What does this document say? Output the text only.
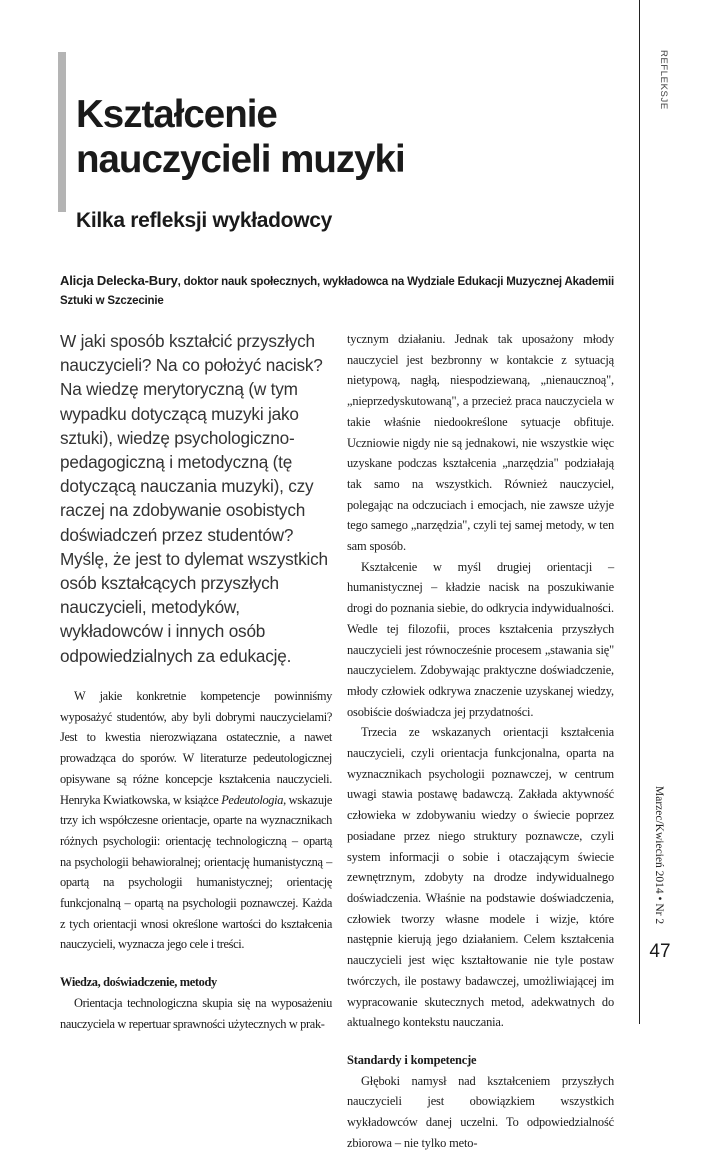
REFLEKSJE
Marzec/Kwiecień 2014 • Nr 2
47
Kształcenie
nauczycieli muzyki
Kilka refleksji wykładowcy

Alicja Delecka-Bury, doktor nauk społecznych, wykładowca na Wydziale Edukacji Muzycznej Akademii Sztuki w Szczecinie

W jaki sposób kształcić przyszłych nauczycieli? Na co położyć nacisk? Na wiedzę merytoryczną (w tym wypadku dotyczącą muzyki jako sztuki), wiedzę psychologiczno-pedagogiczną i metodyczną (tę dotyczącą nauczania muzyki), czy raczej na zdobywanie osobistych doświadczeń przez studentów? Myślę, że jest to dylemat wszystkich osób kształcących przyszłych nauczycieli, metodyków, wykładowców i innych osób odpowiedzialnych za edukację.

W jakie konkretnie kompetencje powinniśmy wyposażyć studentów, aby byli dobrymi nauczycielami? Jest to kwestia nierozwiązana ostatecznie, a nawet prowadząca do sporów. W literaturze pedeutologicznej opisywane są różne koncepcje kształcenia nauczycieli. Henryka Kwiatkowska, w książce Pedeutologia, wskazuje trzy ich współczesne orientacje, oparte na wyznacznikach różnych psychologii: orientację technologiczną – opartą na psychologii behawioralnej; orientację humanistyczną – opartą na psychologii humanistycznej; orientację funkcjonalną – opartą na psychologii poznawczej. Każda z tych orientacji wnosi określone wartości do kształcenia nauczycieli, wyznacza jego cele i treści.

Wiedza, doświadczenie, metody

Orientacja technologiczna skupia się na wyposażeniu nauczyciela w repertuar sprawności użytecznych w prak-

tycznym działaniu. Jednak tak uposażony młody nauczyciel jest bezbronny w kontakcie z sytuacją nietypową, nagłą, niespodziewaną, „nienaucznoą", „nieprzedyskutowaną", a przecież praca nauczyciela w takie właśnie niedookreślone sytuacje obfituje. Uczniowie nigdy nie są jednakowi, nie wszystkie więc uzyskane podczas kształcenia „narzędzia" podziałają tak samo na wszystkich. Również nauczyciel, polegając na odczuciach i emocjach, nie zawsze użyje tego samego „narzędzia", czyli tej samej metody, w ten sam sposób.

Kształcenie w myśl drugiej orientacji – humanistycznej – kładzie nacisk na poszukiwanie drogi do poznania siebie, do odkrycia indywidualności. Wedle tej filozofii, proces kształcenia przyszłych nauczycieli jest równocześnie procesem „stawania się" nauczycielem. Zdobywając praktyczne doświadczenie, młody człowiek odkrywa znaczenie uzyskanej wiedzy, osobiście doświadcza jej przydatności.

Trzecia ze wskazanych orientacji kształcenia nauczycieli, czyli orientacja funkcjonalna, oparta na wyznacznikach psychologii poznawczej, w centrum uwagi stawia postawę badawczą. Zakłada aktywność człowieka w zdobywaniu wiedzy o świecie poprzez posiadane przez niego struktury poznawcze, czyli system informacji o sobie i otaczającym świecie zewnętrznym, zdobyty na drodze indywidualnego doświadczenia. Właśnie na podstawie doświadczenia, człowiek tworzy własne modele i wizje, które następnie kierują jego działaniem. Celem kształcenia nauczycieli jest więc kształtowanie nie tyle postaw twórczych, ile postawy badawczej, umożliwiającej im wypracowanie skutecznych metod, adekwatnych do aktualnego kontekstu nauczania.

Standardy i kompetencje

Głęboki namysł nad kształceniem przyszłych nauczycieli jest obowiązkiem wszystkich wykładowców danej uczelni. To odpowiedzialność zbiorowa – nie tylko meto-
